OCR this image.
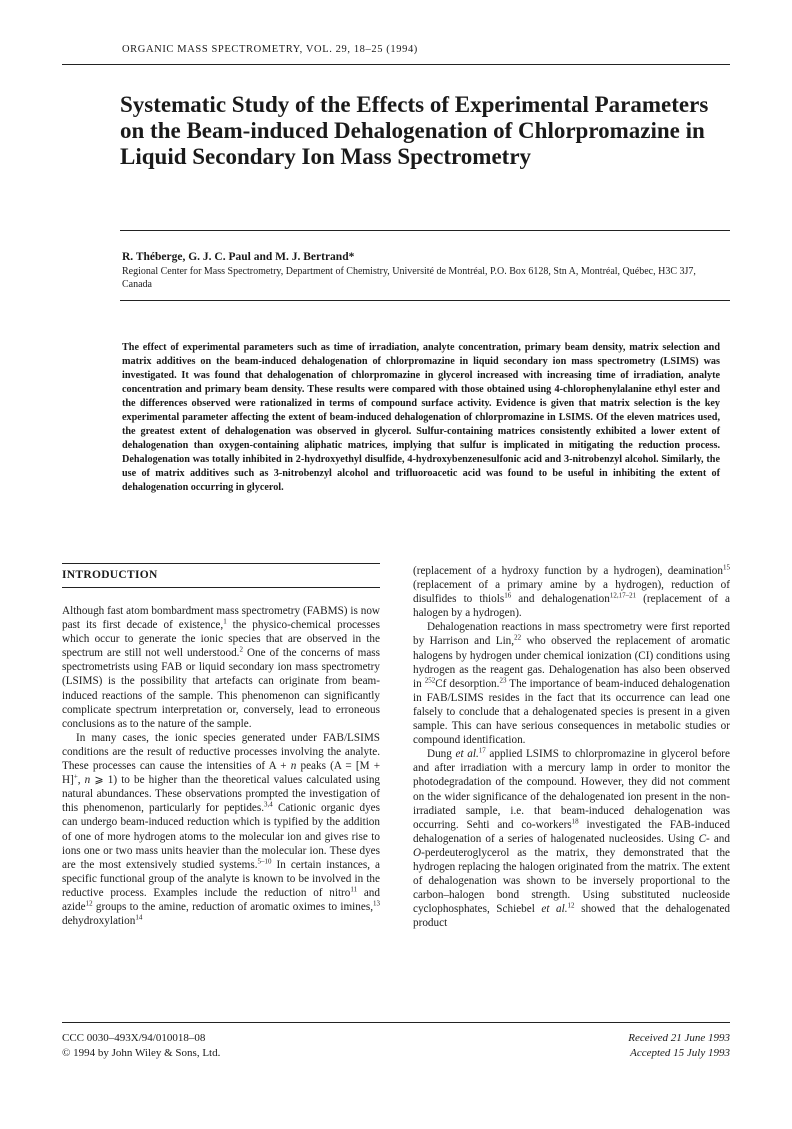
ORGANIC MASS SPECTROMETRY, VOL. 29, 18–25 (1994)
Systematic Study of the Effects of Experimental Parameters on the Beam-induced Dehalogenation of Chlorpromazine in Liquid Secondary Ion Mass Spectrometry
R. Théberge, G. J. C. Paul and M. J. Bertrand*
Regional Center for Mass Spectrometry, Department of Chemistry, Université de Montréal, P.O. Box 6128, Stn A, Montréal, Québec, H3C 3J7, Canada

The effect of experimental parameters such as time of irradiation, analyte concentration, primary beam density, matrix selection and matrix additives on the beam-induced dehalogenation of chlorpromazine in liquid secondary ion mass spectrometry (LSIMS) was investigated. It was found that dehalogenation of chlorpromazine in glycerol increased with increasing time of irradiation, analyte concentration and primary beam density. These results were compared with those obtained using 4-chlorophenylalanine ethyl ester and the differences observed were rationalized in terms of compound surface activity. Evidence is given that matrix selection is the key experimental parameter affecting the extent of beam-induced dehalogenation of chlorpromazine in LSIMS. Of the eleven matrices used, the greatest extent of dehalogenation was observed in glycerol. Sulfur-containing matrices consistently exhibited a lower extent of dehalogenation than oxygen-containing aliphatic matrices, implying that sulfur is implicated in mitigating the reduction process. Dehalogenation was totally inhibited in 2-hydroxyethyl disulfide, 4-hydroxybenzenesulfonic acid and 3-nitrobenzyl alcohol. Similarly, the use of matrix additives such as 3-nitrobenzyl alcohol and trifluoroacetic acid was found to be useful in inhibiting the extent of dehalogenation occurring in glycerol.

INTRODUCTION

Although fast atom bombardment mass spectrometry (FABMS) is now past its first decade of existence,$^1$ the physico-chemical processes which occur to generate the ionic species that are observed in the spectrum are still not well understood.$^2$ One of the concerns of mass spectrometrists using FAB or liquid secondary ion mass spectrometry (LSIMS) is the possibility that artefacts can originate from beam-induced reactions of the sample. This phenomenon can significantly complicate spectrum interpretation or, conversely, lead to erroneous conclusions as to the nature of the sample.

In many cases, the ionic species generated under FAB/LSIMS conditions are the result of reductive processes involving the analyte. These processes can cause the intensities of A + n peaks (A = [M + H]+, n ⩾ 1) to be higher than the theoretical values calculated using natural abundances. These observations prompted the investigation of this phenomenon, particularly for peptides.$^{3,4}$ Cationic organic dyes can undergo beam-induced reduction which is typified by the addition of one of more hydrogen atoms to the molecular ion and gives rise to ions one or two mass units heavier than the molecular ion. These dyes are the most extensively studied systems.$^{5-10}$ In certain instances, a specific functional group of the analyte is known to be involved in the reductive process. Examples include the reduction of nitro$^{11}$ and azide$^{12}$ groups to the amine, reduction of aromatic oximes to imines,$^{13}$ dehydroxylation$^{14}$

(replacement of a hydroxy function by a hydrogen), deamination$^{15}$ (replacement of a primary amine by a hydrogen), reduction of disulfides to thiols$^{16}$ and dehalogenation$^{12,17-21}$ (replacement of a halogen by a hydrogen).

Dehalogenation reactions in mass spectrometry were first reported by Harrison and Lin,$^{22}$ who observed the replacement of aromatic halogens by hydrogen under chemical ionization (CI) conditions using hydrogen as the reagent gas. Dehalogenation has also been observed in $^{252}$Cf desorption.$^{23}$ The importance of beam-induced dehalogenation in FAB/LSIMS resides in the fact that its occurrence can lead one falsely to conclude that a dehalogenated species is present in a given sample. This can have serious consequences in metabolic studies or compound identification.

Dung et al.$^{17}$ applied LSIMS to chlorpromazine in glycerol before and after irradiation with a mercury lamp in order to monitor the photodegradation of the compound. However, they did not comment on the wider significance of the dehalogenated ion present in the non-irradiated sample, i.e. that beam-induced dehalogenation was occurring. Sehti and co-workers$^{18}$ investigated the FAB-induced dehalogenation of a series of halogenated nucleosides. Using C- and O-perdeuteroglycerol as the matrix, they demonstrated that the hydrogen replacing the halogen originated from the matrix. The extent of dehalogenation was shown to be inversely proportional to the carbon–halogen bond strength. Using substituted nucleoside cyclophosphates, Schiebel et al.$^{12}$ showed that the dehalogenated product

CCC 0030–493X/94/010018–08
© 1994 by John Wiley & Sons, Ltd.
Received 21 June 1993
Accepted 15 July 1993
